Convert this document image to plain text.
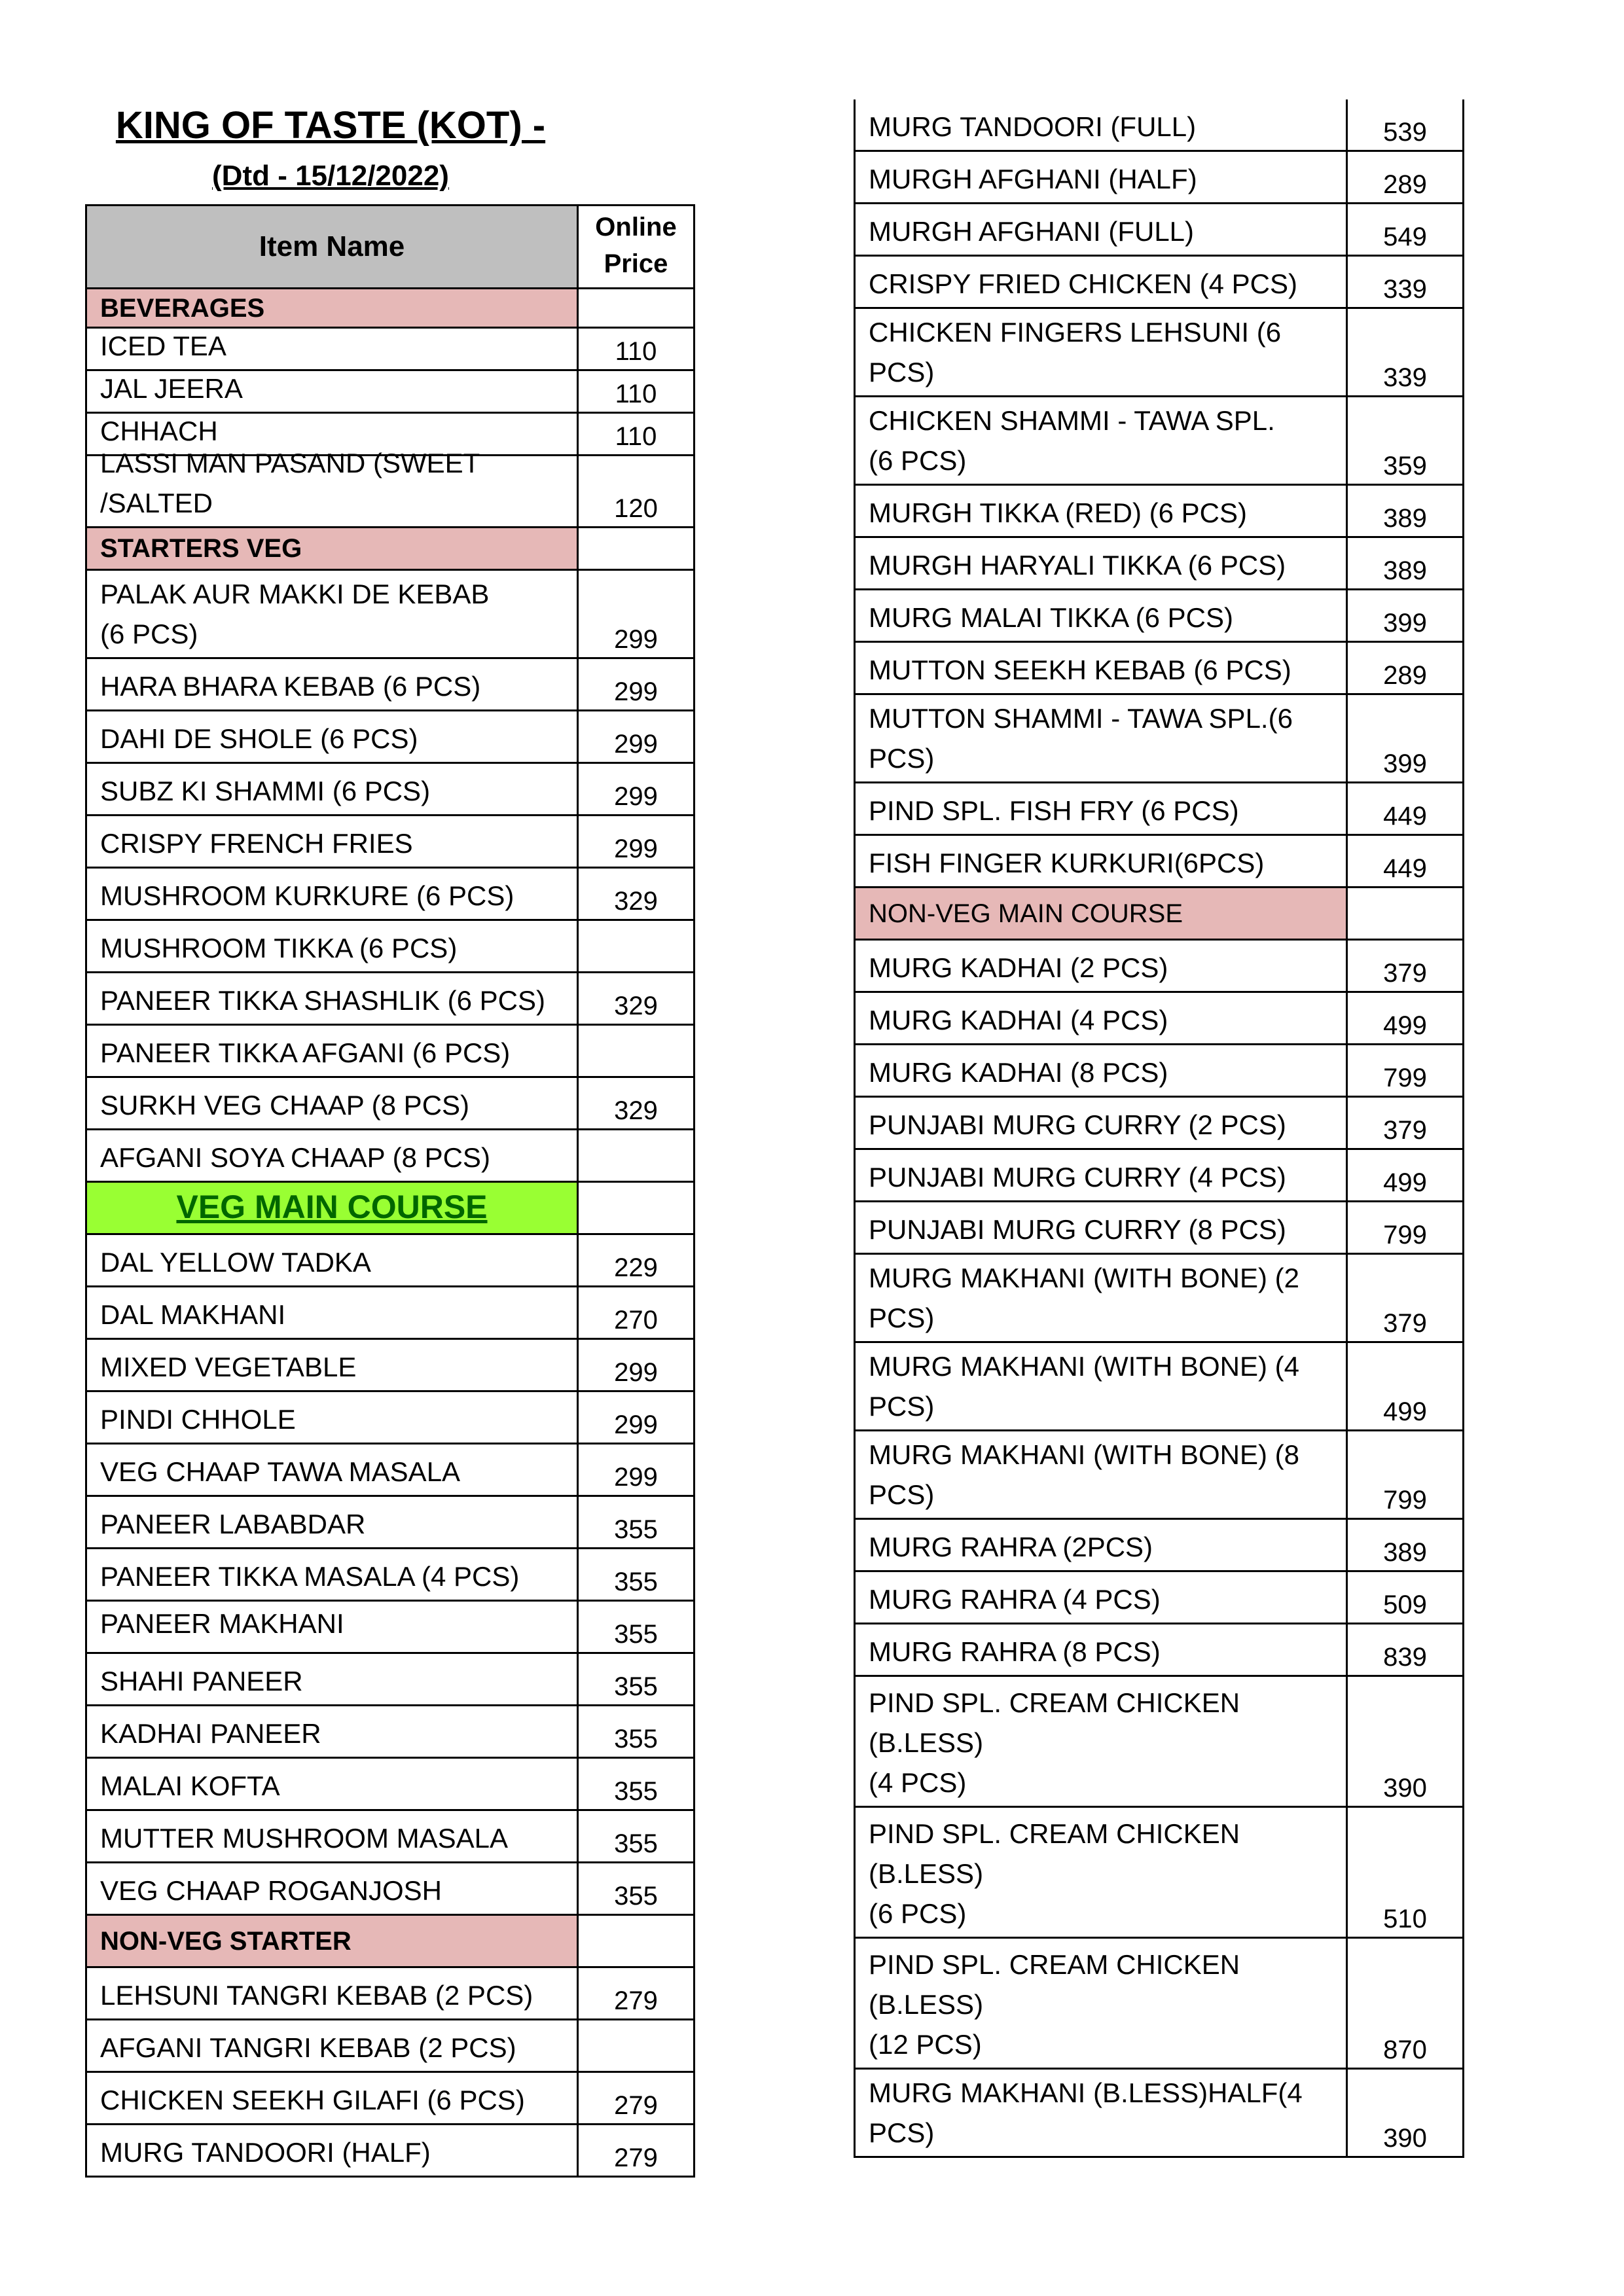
KING OF TASTE (KOT) -
(Dtd - 15/12/2022)
Item Name
Online
Price
BEVERAGES
ICED TEA	110
JAL JEERA	110
CHHACH	110
LASSI MAN PASAND (SWEET
/SALTED	120
STARTERS VEG
PALAK AUR MAKKI DE KEBAB
(6 PCS)	299
HARA BHARA KEBAB (6 PCS)	299
DAHI DE SHOLE (6 PCS)	299
SUBZ KI SHAMMI (6 PCS)	299
CRISPY FRENCH FRIES	299
MUSHROOM KURKURE (6 PCS)	329
MUSHROOM TIKKA (6 PCS)
PANEER TIKKA SHASHLIK (6 PCS)	329
PANEER TIKKA AFGANI (6 PCS)
SURKH VEG CHAAP (8 PCS)	329
AFGANI SOYA CHAAP (8 PCS)
VEG MAIN COURSE
DAL YELLOW TADKA	229
DAL MAKHANI	270
MIXED VEGETABLE	299
PINDI CHHOLE	299
VEG CHAAP TAWA MASALA	299
PANEER LABABDAR	355
PANEER TIKKA MASALA (4 PCS)	355
PANEER MAKHANI	355
SHAHI PANEER	355
KADHAI PANEER	355
MALAI KOFTA	355
MUTTER MUSHROOM MASALA	355
VEG CHAAP ROGANJOSH	355
NON-VEG STARTER
LEHSUNI TANGRI KEBAB (2 PCS)	279
AFGANI TANGRI KEBAB (2 PCS)
CHICKEN SEEKH GILAFI (6 PCS)	279
MURG TANDOORI (HALF)	279
MURG TANDOORI (FULL)	539
MURGH AFGHANI (HALF)	289
MURGH AFGHANI (FULL)	549
CRISPY FRIED CHICKEN (4 PCS)	339
CHICKEN FINGERS LEHSUNI (6
PCS)	339
CHICKEN SHAMMI - TAWA SPL.
(6 PCS)	359
MURGH TIKKA (RED) (6 PCS)	389
MURGH HARYALI TIKKA (6 PCS)	389
MURG MALAI TIKKA (6 PCS)	399
MUTTON SEEKH KEBAB (6 PCS)	289
MUTTON SHAMMI - TAWA SPL.(6
PCS)	399
PIND SPL. FISH FRY (6 PCS)	449
FISH FINGER KURKURI(6PCS)	449
NON-VEG MAIN COURSE
MURG KADHAI (2 PCS)	379
MURG KADHAI (4 PCS)	499
MURG KADHAI (8 PCS)	799
PUNJABI MURG CURRY (2 PCS)	379
PUNJABI MURG CURRY (4 PCS)	499
PUNJABI MURG CURRY (8 PCS)	799
MURG MAKHANI (WITH BONE) (2
PCS)	379
MURG MAKHANI (WITH BONE) (4
PCS)	499
MURG MAKHANI (WITH BONE) (8
PCS)	799
MURG RAHRA (2PCS)	389
MURG RAHRA (4 PCS)	509
MURG RAHRA (8 PCS)	839
PIND SPL. CREAM CHICKEN
(B.LESS)
(4 PCS)	390
PIND SPL. CREAM CHICKEN
(B.LESS)
(6 PCS)	510
PIND SPL. CREAM CHICKEN
(B.LESS)
(12 PCS)	870
MURG MAKHANI (B.LESS)HALF(4
PCS)	390
